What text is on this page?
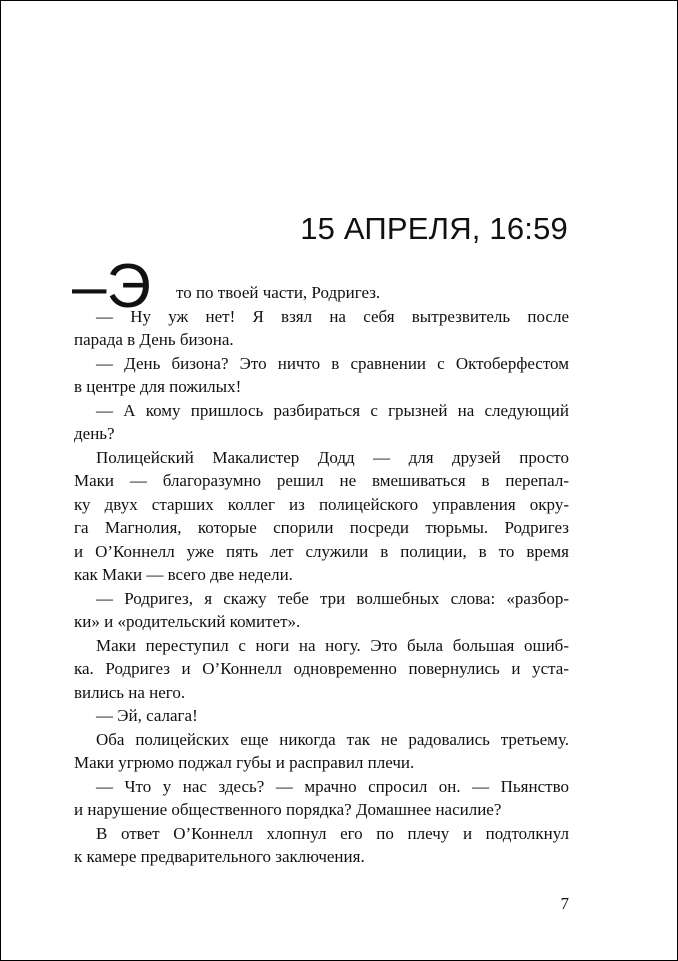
15 АПРЕЛЯ, 16:59
–Э то по твоей части, Родригез.
— Ну уж нет! Я взял на себя вытрезвитель после
парада в День бизона.
— День бизона? Это ничто в сравнении с Октоберфестом
в центре для пожилых!
— А кому пришлось разбираться с грызней на следующий
день?
Полицейский Макалистер Додд — для друзей просто
Маки — благоразумно решил не вмешиваться в перепал-
ку двух старших коллег из полицейского управления окру-
га Магнолия, которые спорили посреди тюрьмы. Родригез
и О’Коннелл уже пять лет служили в полиции, в то время
как Маки — всего две недели.
— Родригез, я скажу тебе три волшебных слова: «разбор-
ки» и «родительский комитет».
Маки переступил с ноги на ногу. Это была большая ошиб-
ка. Родригез и О’Коннелл одновременно повернулись и уста-
вились на него.
— Эй, салага!
Оба полицейских еще никогда так не радовались третьему.
Маки угрюмо поджал губы и расправил плечи.
— Что у нас здесь? — мрачно спросил он. — Пьянство
и нарушение общественного порядка? Домашнее насилие?
В ответ О’Коннелл хлопнул его по плечу и подтолкнул
к камере предварительного заключения.
7
